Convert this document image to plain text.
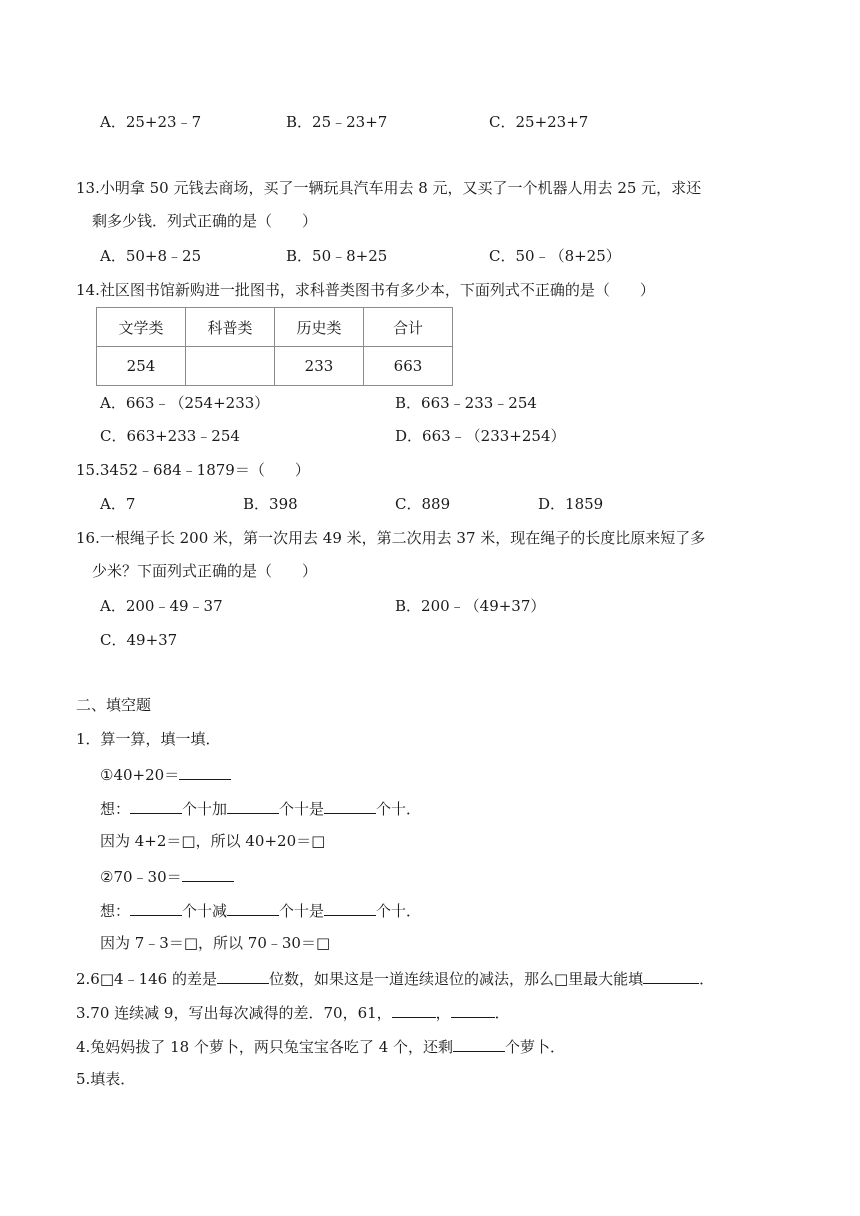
A．25+23﹣7	B．25﹣23+7	C．25+23+7
13.小明拿 50 元钱去商场，买了一辆玩具汽车用去 8 元，又买了一个机器人用去 25 元，求还
剩多少钱．列式正确的是（　　）
A．50+8﹣25	B．50﹣8+25	C．50﹣（8+25）
14.社区图书馆新购进一批图书，求科普类图书有多少本，下面列式不正确的是（　　）
文学类	科普类	历史类	合计
254		233	663
A．663﹣（254+233）	B．663﹣233﹣254
C．663+233﹣254	D．663﹣（233+254）
15.3452﹣684﹣1879＝（　　）
A．7	B．398	C．889	D．1859
16.一根绳子长 200 米，第一次用去 49 米，第二次用去 37 米，现在绳子的长度比原来短了多
少米？下面列式正确的是（　　）
A．200﹣49﹣37	B．200﹣（49+37）
C．49+37
二、填空题
1．算一算，填一填．
①40+20＝
想：	个十加	个十是	个十．
因为 4+2＝□，所以 40+20＝□
②70﹣30＝
想：	个十减	个十是	个十．
因为 7﹣3＝□，所以 70﹣30＝□
2.6□4﹣146 的差是	位数，如果这是一道连续退位的减法，那么□里最大能填	．
3.70 连续减 9，写出每次减得的差．70，61，	，	．
4.兔妈妈拔了 18 个萝卜，两只兔宝宝各吃了 4 个，还剩	个萝卜．
5.填表．
